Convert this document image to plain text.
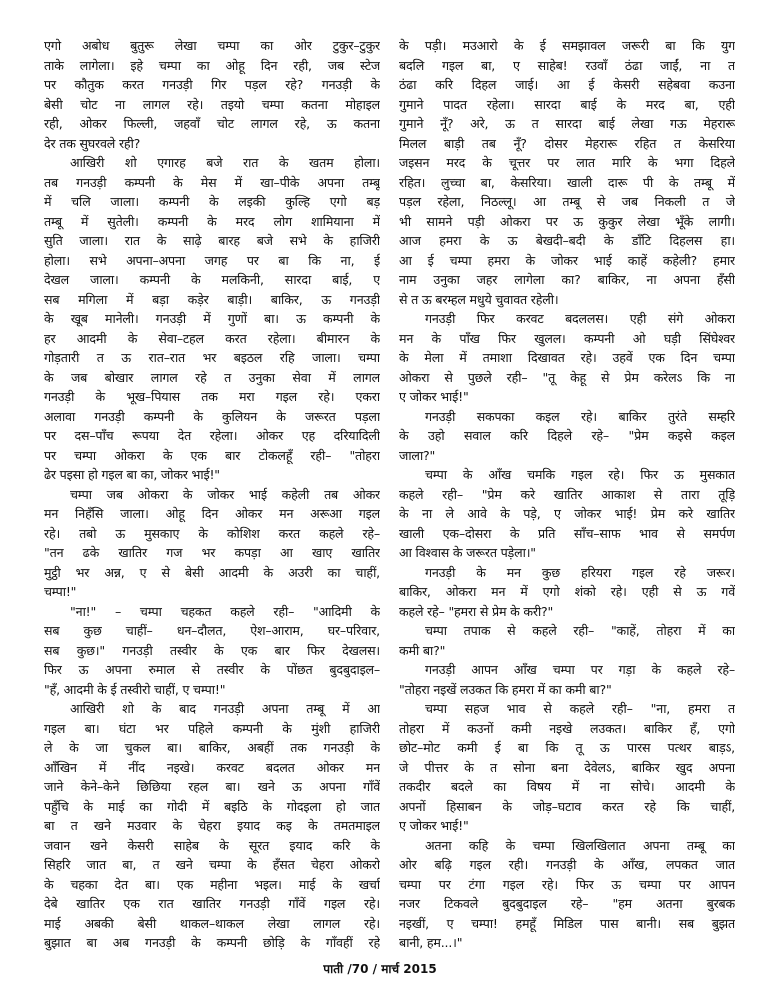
एगो अबोध बुतुरू लेखा चम्पा का ओर टुकुर–टुकुर
ताके लागेला। इहे चम्पा का ओहू दिन रही, जब स्टेज
पर कौतुक करत गनउड़ी गिर पड़ल रहे? गनउड़ी के
बेसी चोट ना लागल रहे। तइयो चम्पा कतना मोहाइल
रही, ओकर फिल्ली, जहवाँ चोट लागल रहे, ऊ कतना
देर तक सुघरवले रही?
आखिरी शो एगारह बजे रात के खतम होला।
तब गनउड़ी कम्पनी के मेस में खा–पीके अपना तम्बू
में चलि जाला। कम्पनी के लइकी कुल्हि एगो बड़
तम्बू में सुतेली। कम्पनी के मरद लोग शामियाना में
सुति जाला। रात के साढ़े बारह बजे सभे के हाजिरी
होला। सभे अपना–अपना जगह पर बा कि ना, ई
देखल जाला। कम्पनी के मलकिनी, सारदा बाई, ए
सब मगिला में बड़ा कड़ेर बाड़ी। बाकिर, ऊ गनउड़ी
के खूब मानेली। गनउड़ी में गुणों बा। ऊ कम्पनी के
हर आदमी के सेवा–टहल करत रहेला। बीमारन के
गोड़तारी त ऊ रात–रात भर बइठल रहि जाला। चम्पा
के जब बोखार लागल रहे त उनुका सेवा में लागल
गनउड़ी के भूख–पियास तक मरा गइल रहे। एकरा
अलावा गनउड़ी कम्पनी के कुलियन के जरूरत पड़ला
पर दस–पाँच रूपया देत रहेला। ओकर एह दरियादिली
पर चम्पा ओकरा के एक बार टोकलहूँ रही– "तोहरा
ढेर पइसा हो गइल बा का, जोकर भाई!"
चम्पा जब ओकरा के जोकर भाई कहेली तब ओकर
मन निहँसि जाला। ओहू दिन ओकर मन अरूआ गइल
रहे। तबो ऊ मुसकाए के कोशिश करत कहले रहे–
"तन ढके खातिर गज भर कपड़ा आ खाए खातिर
मुट्ठी भर अन्न, ए से बेसी आदमी के अउरी का चाहीं,
चम्पा!"
"ना!" – चम्पा चहकत कहले रही– "आदिमी के
सब कुछ चाहीं– धन–दौलत, ऐश–आराम, घर–परिवार,
सब कुछ।" गनउड़ी तस्वीर के एक बार फिर देखलस।
फिर ऊ अपना रुमाल से तस्वीर के पोंछत बुदबुदाइल–
"हँ, आदमी के ई तस्वीरो चाहीं, ए चम्पा!"
आखिरी शो के बाद गनउड़ी अपना तम्बू में आ
गइल बा। घंटा भर पहिले कम्पनी के मुंशी हाजिरी
ले के जा चुकल बा। बाकिर, अबहीं तक गनउड़ी के
आँखिन में नींद नइखे। करवट बदलत ओकर मन
जाने केने–केने छिछिया रहल बा। खने ऊ अपना गाँवें
पहुँचि के माई का गोदी में बइठि के गोदइला हो जात
बा त खने मउवार के चेहरा इयाद कइ के तमतमाइल
जवान खने केसरी साहेब के सूरत इयाद करि के
सिहरि जात बा, त खने चम्पा के हँसत चेहरा ओकरो
के चहका देत बा। एक महीना भइल। माई के खर्चा
देबे खातिर एक रात खातिर गनउड़ी गाँवें गइल रहे।
माई अबकी बेसी थाकल–थाकल लेखा लागल रहे।
बुझात बा अब गनउड़ी के कम्पनी छोड़ि के गाँवहीं रहे
के पड़ी। मउआरो के ई समझावल जरूरी बा कि युग
बदलि गइल बा, ए साहेब! रउवाँ ठंढा जाईं, ना त
ठंढा करि दिहल जाई। आ ई केसरी सहेबवा कउना
गुमाने पादत रहेला। सारदा बाई के मरद बा, एही
गुमाने नूँ? अरे, ऊ त सारदा बाई लेखा गऊ मेहरारू
मिलल बाड़ी तब नूँ? दोसर मेहरारू रहित त केसरिया
जइसन मरद के चूत्तर पर लात मारि के भगा दिहले
रहित। लुच्चा बा, केसरिया। खाली दारू पी के तम्बू में
पड़ल रहेला, निठल्लू। आ तम्बू से जब निकली त जे
भी सामने पड़ी ओकरा पर ऊ कुकुर लेखा भूँके लागी।
आज हमरा के ऊ बेखदी–बदी के डाँटि दिहलस हा।
आ ई चम्पा हमरा के जोकर भाई काहें कहेली? हमार
नाम उनुका जहर लागेला का? बाकिर, ना अपना हँसी
से त ऊ बरम्हल मधुये चुवावत रहेली।
गनउड़ी फिर करवट बदललस। एही संगे ओकरा
मन के पाँख फिर खुलल। कम्पनी ओ घड़ी सिंघेश्वर
के मेला में तमाशा दिखावत रहे। उहवें एक दिन चम्पा
ओकरा से पुछले रही– "तू केहू से प्रेम करेलऽ कि ना
ए जोकर भाई!"
गनउड़ी सकपका कइल रहे। बाकिर तुरंते सम्हरि
के उहो सवाल करि दिहले रहे– "प्रेम कइसे कइल
जाला?"
चम्पा के आँख चमकि गइल रहे। फिर ऊ मुसकात
कहले रही– "प्रेम करे खातिर आकाश से तारा तूड़ि
के ना ले आवे के पड़े, ए जोकर भाई! प्रेम करे खातिर
खाली एक–दोसरा के प्रति साँच–साफ भाव से समर्पण
आ विश्वास के जरूरत पड़ेला।"
गनउड़ी के मन कुछ हरियरा गइल रहे जरूर।
बाकिर, ओकरा मन में एगो शंको रहे। एही से ऊ गवें
कहले रहे– "हमरा से प्रेम के करी?"
चम्पा तपाक से कहले रही– "काहें, तोहरा में का
कमी बा?"
गनउड़ी आपन आँख चम्पा पर गड़ा के कहले रहे–
"तोहरा नइखें लउकत कि हमरा में का कमी बा?"
चम्पा सहज भाव से कहले रही– "ना, हमरा त
तोहरा में कउनों कमी नइखे लउकत। बाकिर हँ, एगो
छोट–मोट कमी ई बा कि तू ऊ पारस पत्थर बाड़ऽ,
जे पीत्तर के त सोना बना देवेलऽ, बाकिर खुद अपना
तकदीर बदले का विषय में ना सोचे। आदमी के
अपनों हिसाबन के जोड़–घटाव करत रहे कि चाहीं,
ए जोकर भाई!"
अतना कहि के चम्पा खिलखिलात अपना तम्बू का
ओर बढ़ि गइल रही। गनउड़ी के आँख, लपकत जात
चम्पा पर टंगा गइल रहे। फिर ऊ चम्पा पर आपन
नजर टिकवले बुदबुदाइल रहे– "हम अतना बुरबक
नइखीं, ए चम्पा! हमहूँ मिडिल पास बानी। सब बुझत
बानी, हम...।"
पाती /70 / मार्च 2015
